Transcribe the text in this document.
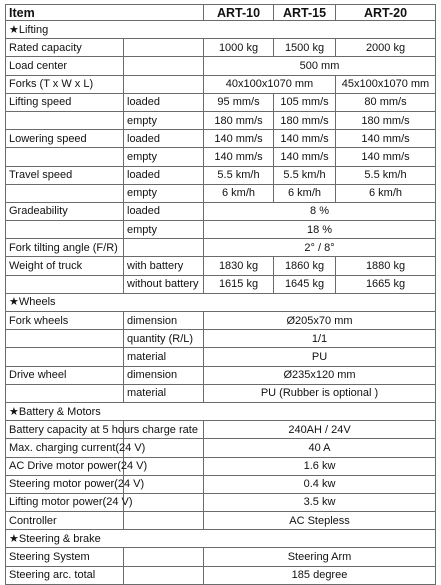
Item		ART-10	ART-15	ART-20
★Lifting				
Rated capacity		1000 kg	1500 kg	2000 kg
Load center		500 mm		
Forks (T x W x L)		40x100x1070 mm		45x100x1070 mm
Lifting speed	loaded	95 mm/s	105 mm/s	80 mm/s
	empty	180 mm/s	180 mm/s	180 mm/s
Lowering speed	loaded	140 mm/s	140 mm/s	140 mm/s
	empty	140 mm/s	140 mm/s	140 mm/s
Travel speed	loaded	5.5 km/h	5.5 km/h	5.5 km/h
	empty	6 km/h	6 km/h	6 km/h
Gradeability	loaded	8 %		
	empty	18 %		
Fork tilting angle (F/R)		2° / 8°		
Weight of truck	with battery	1830 kg	1860 kg	1880 kg
	without battery	1615 kg	1645 kg	1665 kg
★Wheels				
Fork wheels	dimension	Ø205x70 mm		
	quantity (R/L)	1/1		
	material	PU		
Drive wheel	dimension	Ø235x120 mm		
	material	PU (Rubber is optional )		
★Battery & Motors				
Battery capacity at 5 hours charge rate		240AH / 24V		
Max. charging current(24 V)		40 A		
AC Drive motor power(24 V)		1.6 kw		
Steering motor power(24 V)		0.4 kw		
Lifting motor power(24 V)		3.5 kw		
Controller		AC Stepless		
★Steering & brake				
Steering System		Steering Arm		
Steering arc. total		185 degree		
